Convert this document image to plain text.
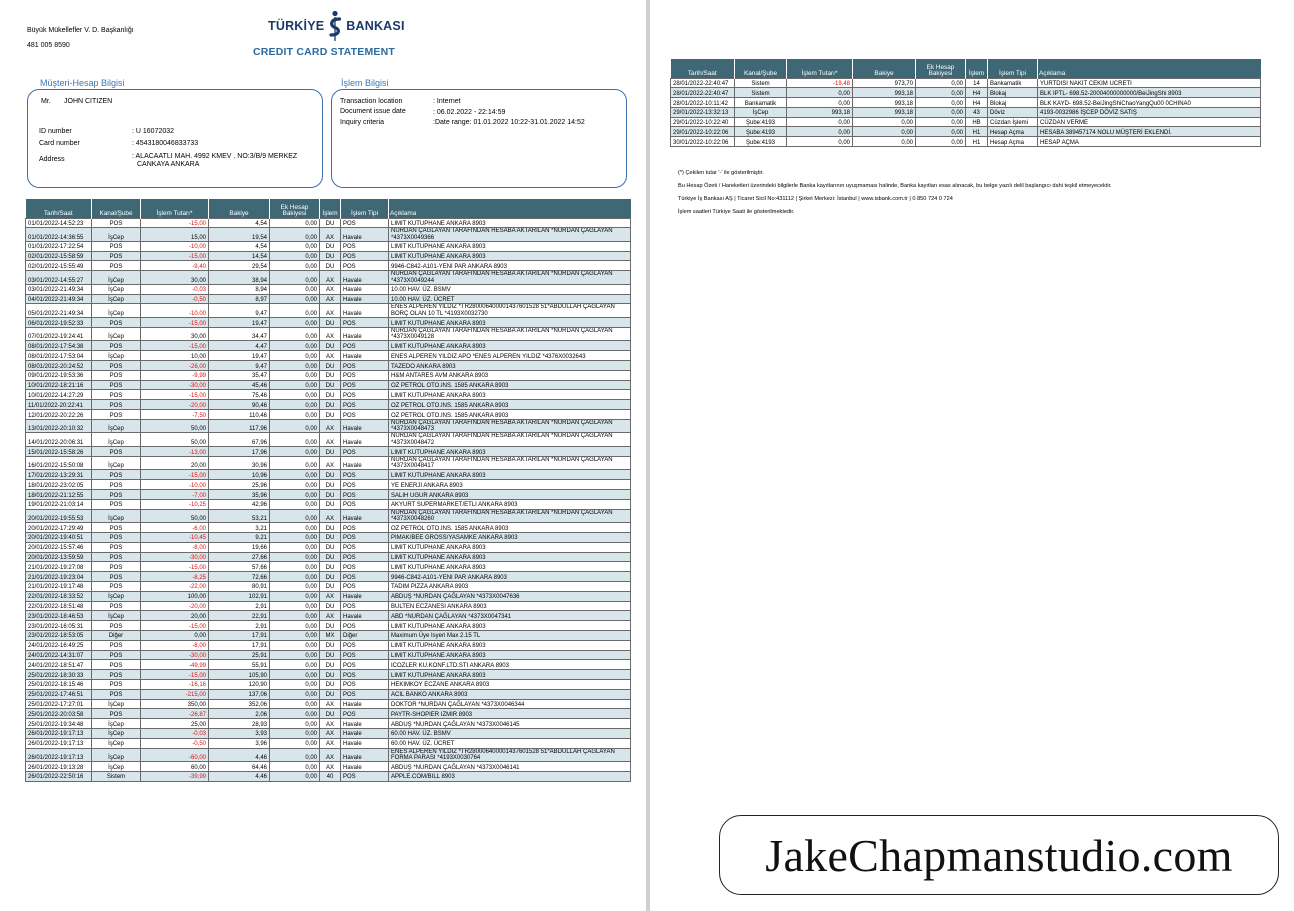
Büyük Mükellefler V. D. Başkanlığı
481 005 8590
TÜRKİYE BANKASI
CREDIT CARD STATEMENT
Müşteri-Hesap Bilgisi
Mr. JOHN CITIZEN
ID number	: U 16072032
Card number	: 4543180046833733
Address	: ALACAATLI MAH. 4992 KMEV . NO:3/B/9 MERKEZ
CANKAYA ANKARA
İşlem Bilgisi
Transaction location	: Internet
Document issue date	: 06.02.2022 - 22:14:59
Inquiry criteria	:Date range: 01.01.2022 10:22-31.01.2022 14:52
Tarih/Saat	Kanal/Şube	İşlem Tutarı*	Bakiye	Ek Hesap Bakiyesi	İşlem	İşlem Tipi	Açıklama
01/01/2022-14:52:23	POS	-15,00	4,54	0,00	DU	POS	LIMIT KUTUPHANE ANKARA 8903
01/01/2022-14:36:55	İşCep	15,00	19,54	0,00	AX	Havale	NURDAN ÇAĞLAYAN TARAFINDAN HESABA AKTARILAN *NURDAN ÇAĞLAYAN *4373X0049366
01/01/2022-17:22:54	POS	-10,00	4,54	0,00	DU	POS	LIMIT KUTUPHANE ANKARA 8903
02/01/2022-15:58:59	POS	-15,00	14,54	0,00	DU	POS	LIMIT KUTUPHANE ANKARA 8903
02/01/2022-15:55:49	POS	-9,40	29,54	0,00	DU	POS	9946-C842-A101-YENI PAR ANKARA 8903
03/01/2022-14:55:27	İşCep	30,00	38,94	0,00	AX	Havale	NURDAN ÇAĞLAYAN TARAFINDAN HESABA AKTARILAN *NURDAN ÇAĞLAYAN *4373X0049244
03/01/2022-21:49:34	İşCep	-0,03	8,94	0,00	AX	Havale	10.00 HAV. ÜZ. BSMV
04/01/2022-21:49:34	İşCep	-0,50	8,97	0,00	AX	Havale	10.00 HAV. ÜZ. ÜCRET
05/01/2022-21:49:34	İşCep	-10,00	9,47	0,00	AX	Havale	ENES ALPEREN YILDIZ *TR280006400001437601528 51*ABDULLAH ÇAĞLAYAN BORÇ OLAN 10 TL *4193X0032730
06/01/2022-19:52:33	POS	-15,00	19,47	0,00	DU	POS	LIMIT KUTUPHANE ANKARA 8903
07/01/2022-19:24:41	İşCep	30,00	34,47	0,00	AX	Havale	NURDAN ÇAĞLAYAN TARAFINDAN HESABA AKTARILAN *NURDAN ÇAĞLAYAN *4373X0049128
08/01/2022-17:54:38	POS	-15,00	4,47	0,00	DU	POS	LIMIT KUTUPHANE ANKARA 8903
08/01/2022-17:53:04	İşCep	10,00	19,47	0,00	AX	Havale	ENES ALPEREN YILDIZ APO *ENES ALPEREN YILDIZ *4376X0032643
08/01/2022-20:24:52	POS	-26,00	9,47	0,00	DU	POS	TAZEDO ANKARA 8903
09/01/2022-19:53:36	POS	-9,99	35,47	0,00	DU	POS	H&M ANTARES AVM ANKARA 8903
10/01/2022-18:21:16	POS	-30,00	45,46	0,00	DU	POS	OZ PETROL OTO.INS. 1585 ANKARA 8903
10/01/2022-14:27:29	POS	-15,00	75,46	0,00	DU	POS	LIMIT KUTUPHANE ANKARA 8903
11/01/2022-20:22:41	POS	-20,00	90,46	0,00	DU	POS	OZ PETROL OTO.INS. 1585 ANKARA 8903
12/01/2022-20:22:26	POS	-7,50	110,46	0,00	DU	POS	OZ PETROL OTO.INS. 1585 ANKARA 8903
13/01/2022-20:10:32	İşCep	50,00	117,96	0,00	AX	Havale	NURDAN ÇAĞLAYAN TARAFINDAN HESABA AKTARILAN *NURDAN ÇAĞLAYAN *4373X0048473
14/01/2022-20:06:31	İşCep	50,00	67,96	0,00	AX	Havale	NURDAN ÇAĞLAYAN TARAFINDAN HESABA AKTARILAN *NURDAN ÇAĞLAYAN *4373X0048472
15/01/2022-15:58:26	POS	-13,00	17,96	0,00	DU	POS	LIMIT KUTUPHANE ANKARA 8903
16/01/2022-15:50:08	İşCep	20,00	30,96	0,00	AX	Havale	NURDAN ÇAĞLAYAN TARAFINDAN HESABA AKTARILAN *NURDAN ÇAĞLAYAN *4373X0048417
17/01/2022-13:29:31	POS	-15,00	10,96	0,00	DU	POS	LIMIT KUTUPHANE ANKARA 8903
18/01/2022-23:02:05	POS	-10,00	25,96	0,00	DU	POS	YE ENERJI ANKARA 8903
18/01/2022-21:12:55	POS	-7,00	35,96	0,00	DU	POS	SALIH UGUR ANKARA 8903
19/01/2022-21:03:14	POS	-10,25	42,96	0,00	DU	POS	AKYURT SUPERMARKET/ETLI ANKARA 8903
20/01/2022-19:55:53	İşCep	50,00	53,21	0,00	AX	Havale	NURDAN ÇAĞLAYAN TARAFINDAN HESABA AKTARILAN *NURDAN ÇAĞLAYAN *4373X0048260
20/01/2022-17:29:49	POS	-6,00	3,21	0,00	DU	POS	OZ PETROL OTO.INS. 1585 ANKARA 8903
20/01/2022-19:40:51	POS	-10,45	9,21	0,00	DU	POS	PIMAK/BEE GROSS/YASAMKE ANKARA 8903
20/01/2022-15:57:46	POS	-8,00	19,66	0,00	DU	POS	LIMIT KUTUPHANE ANKARA 8903
20/01/2022-13:59:59	POS	-30,00	27,66	0,00	DU	POS	LIMIT KUTUPHANE ANKARA 8903
21/01/2022-19:27:08	POS	-15,00	57,66	0,00	DU	POS	LIMIT KUTUPHANE ANKARA 8903
21/01/2022-19:23:04	POS	-8,25	72,66	0,00	DU	POS	9946-C842-A101-YENI PAR ANKARA 8903
21/01/2022-19:17:48	POS	-22,00	80,91	0,00	DU	POS	TADIM PIZZA ANKARA 8903
22/01/2022-18:33:52	İşCep	100,00	102,91	0,00	AX	Havale	ABDUŞ *NURDAN ÇAĞLAYAN *4373X0047636
22/01/2022-18:51:48	POS	-20,00	2,91	0,00	DU	POS	BULTEN ECZANESI ANKARA 8903
23/01/2022-18:46:53	İşCep	20,00	22,91	0,00	AX	Havale	ABD *NURDAN ÇAĞLAYAN *4373X0047341
23/01/2022-16:05:31	POS	-15,00	2,91	0,00	DU	POS	LIMIT KUTUPHANE ANKARA 8903
23/01/2022-18:53:05	Diğer	0,00	17,91	0,00	MX	Diğer	Maximum Üye Isyeri Max 2.15 TL
24/01/2022-16:49:25	POS	-8,00	17,91	0,00	DU	POS	LIMIT KUTUPHANE ANKARA 8903
24/01/2022-14:31:07	POS	-30,00	25,91	0,00	DU	POS	LIMIT KUTUPHANE ANKARA 8903
24/01/2022-18:51:47	POS	-49,99	55,91	0,00	DU	POS	ICOZLER KU.KONF.LTD.STI ANKARA 8903
25/01/2022-18:30:33	POS	-15,00	105,90	0,00	DU	POS	LIMIT KUTUPHANE ANKARA 8903
25/01/2022-18:15:46	POS	-16,16	120,90	0,00	DU	POS	HEKIMKOY ECZANE ANKARA 8903
25/01/2022-17:46:51	POS	-215,00	137,06	0,00	DU	POS	ACIL BANKO ANKARA 8903
25/01/2022-17:27:01	İşCep	350,00	352,06	0,00	AX	Havale	DOKTOR *NURDAN ÇAĞLAYAN *4373X0046344
25/01/2022-20:03:58	POS	-26,87	2,06	0,00	DU	POS	PAYTR-SHOPIER IZMIR 8903
25/01/2022-19:34:48	İşCep	25,00	28,93	0,00	AX	Havale	ABDUŞ *NURDAN ÇAĞLAYAN *4373X0046145
26/01/2022-19:17:13	İşCep	-0,03	3,93	0,00	AX	Havale	60.00 HAV. ÜZ. BSMV
26/01/2022-19:17:13	İşCep	-0,50	3,96	0,00	AX	Havale	60.00 HAV. ÜZ. ÜCRET
26/01/2022-19:17:13	İşCep	-60,00	4,46	0,00	AX	Havale	ENES ALPEREN YILDIZ *TR280006400001437601528 51*ABDULLAH ÇAĞLAYAN FORMA PARASI *4193X0030764
26/01/2022-19:13:28	İşCep	60,00	64,46	0,00	AX	Havale	ABDUŞ *NURDAN ÇAĞLAYAN *4373X0046141
26/01/2022-22:50:16	Sistem	-39,99	4,46	0,00	40	POS	APPLE.COM/BILL 8903
Tarih/Saat	Kanal/Şube	İşlem Tutarı*	Bakiye	Ek Hesap Bakiyesi	İşlem	İşlem Tipi	Açıklama
28/01/2022-22:40:47	Sistem	-19,48	973,70	0,00	14	Bankamatik	YURTDISI NAKIT CEKIM UCRETI
28/01/2022-22:40:47	Sistem	0,00	993,18	0,00	H4	Blokaj	BLK IPTL- 698.52-20004000000000/BeiJingShi 8903
28/01/2022-10:11:42	Bankamatik	0,00	993,18	0,00	H4	Blokaj	BLK KAYD- 698.52-BeiJingShiChaoYangQu00 0CHINA0
29/01/2022-13:32:13	İşCep	993,18	993,18	0,00	43	Döviz	4193-0032986 İŞCEP DÖVİZ SATIŞ
29/01/2022-10:22:40	Şube:4193	0,00	0,00	0,00	HB	Cüzdan İşlemi	CÜZDAN VERME
29/01/2022-10:22:06	Şube:4193	0,00	0,00	0,00	H1	Hesap Açma	HESABA 389457174 NOLU MÜŞTERİ EKLENDİ.
30/01/2022-10:22:06	Şube:4193	0,00	0,00	0,00	H1	Hesap Açma	HESAP AÇMA
(*) Çekilen tutar '-' ile gösterilmiştir.
Bu Hesap Özeti / Hareketleri üzerindeki bilgilerle Banka kayıtlarının uyuşmaması halinde, Banka kayıtları esas alınacak, bu belge yazılı delil başlangıcı dahi teşkil etmeyecektir.
Türkiye İş Bankası AŞ | Ticaret Sicil No:431112 | Şirket Merkezi: İstanbul | www.isbank.com.tr | 0 850 724 0 724
İşlem saatleri Türkiye Saati ile gösterilmektedir.
JakeChapmanstudio.com
